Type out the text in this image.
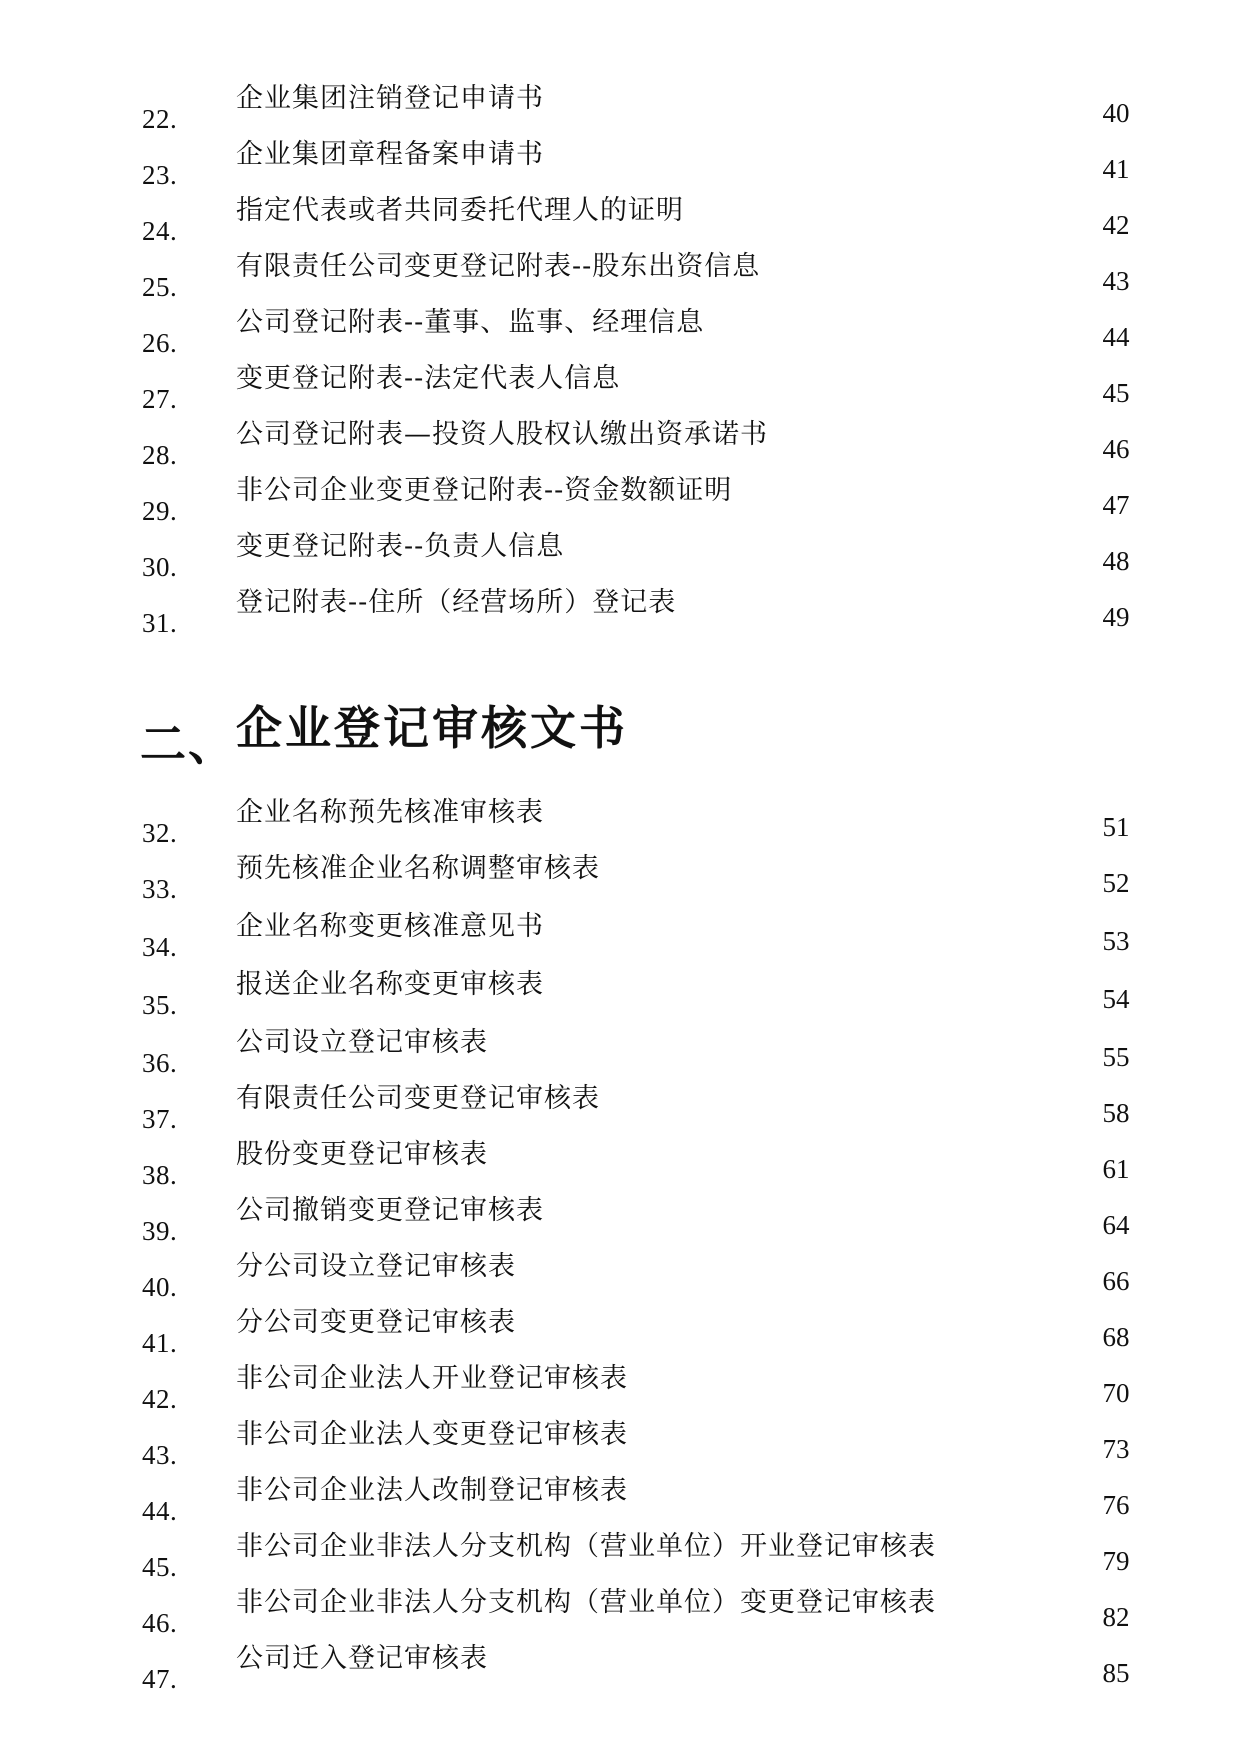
22.
企业集团注销登记申请书	40
23.
企业集团章程备案申请书	41
24.
指定代表或者共同委托代理人的证明	42
25.
有限责任公司变更登记附表--股东出资信息	43
26.
公司登记附表--董事、监事、经理信息	44
27.
变更登记附表--法定代表人信息	45
28.
公司登记附表—投资人股权认缴出资承诺书	46
29.
非公司企业变更登记附表--资金数额证明	47
30.
变更登记附表--负责人信息	48
31.
登记附表--住所（经营场所）登记表	49
二、 企业登记审核文书
32.
企业名称预先核准审核表	51
33.
预先核准企业名称调整审核表	52
34.
企业名称变更核准意见书	53
35.
报送企业名称变更审核表	54
36.
公司设立登记审核表	55
37.
有限责任公司变更登记审核表	58
38.
股份变更登记审核表	61
39.
公司撤销变更登记审核表	64
40.
分公司设立登记审核表	66
41.
分公司变更登记审核表	68
42.
非公司企业法人开业登记审核表	70
43.
非公司企业法人变更登记审核表	73
44.
非公司企业法人改制登记审核表	76
45.
非公司企业非法人分支机构（营业单位）开业登记审核表	79
46.
非公司企业非法人分支机构（营业单位）变更登记审核表	82
47.
公司迁入登记审核表	85
